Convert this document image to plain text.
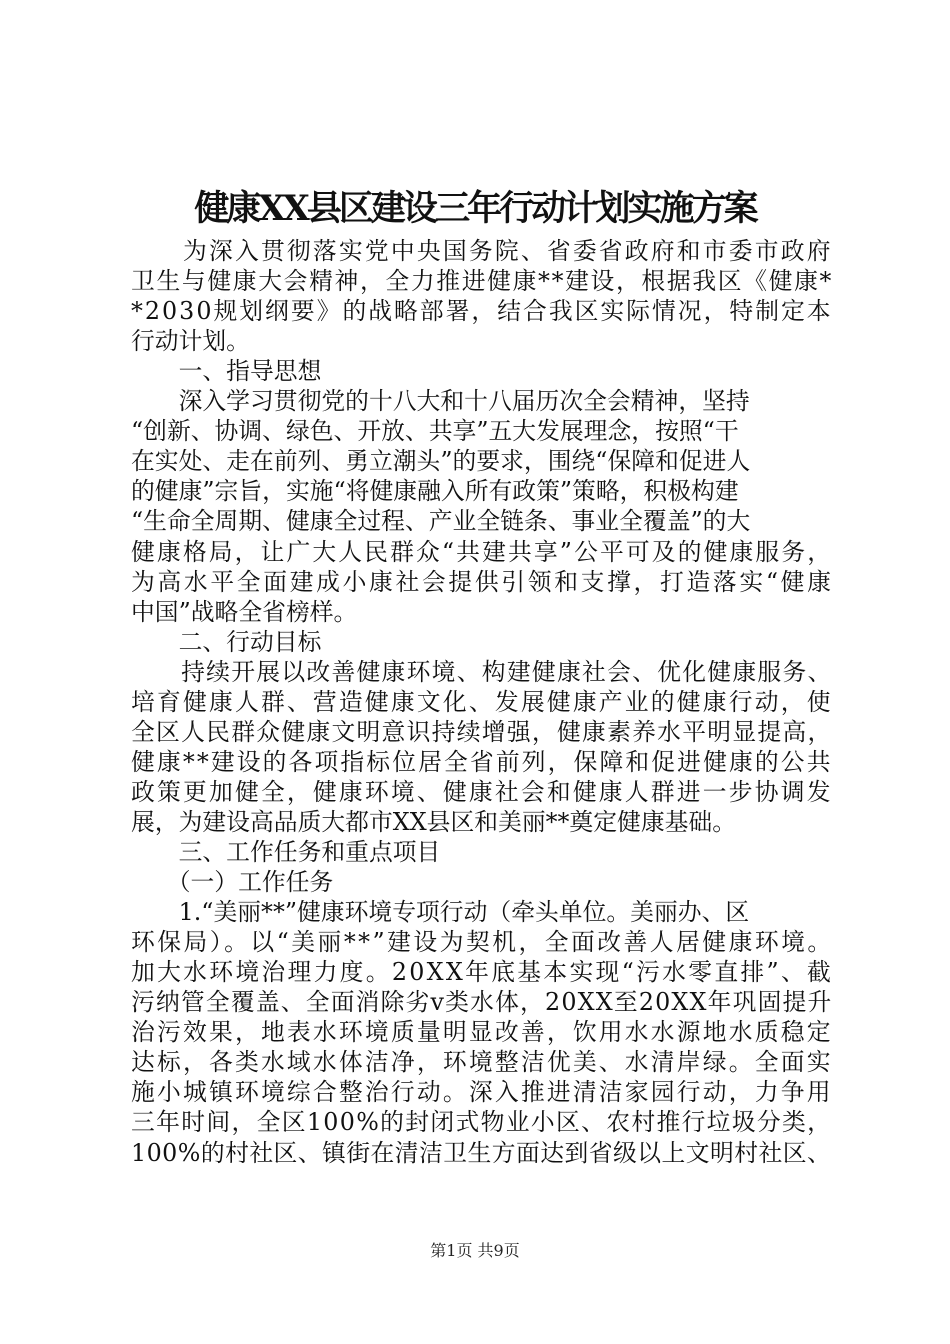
健康XX县区建设三年行动计划实施方案
　　为深入贯彻落实党中央国务院、省委省政府和市委市政府
卫生与健康大会精神，全力推进健康**建设，根据我区《健康*
*2030规划纲要》的战略部署，结合我区实际情况，特制定本
行动计划。
　　一、指导思想
　　深入学习贯彻党的十八大和十八届历次全会精神，坚持
“创新、协调、绿色、开放、共享”五大发展理念，按照“干
在实处、走在前列、勇立潮头”的要求，围绕“保障和促进人
的健康”宗旨，实施“将健康融入所有政策”策略，积极构建
“生命全周期、健康全过程、产业全链条、事业全覆盖”的大
健康格局，让广大人民群众“共建共享”公平可及的健康服务，
为高水平全面建成小康社会提供引领和支撑，打造落实“健康
中国”战略全省榜样。
　　二、行动目标
　　持续开展以改善健康环境、构建健康社会、优化健康服务、
培育健康人群、营造健康文化、发展健康产业的健康行动，使
全区人民群众健康文明意识持续增强，健康素养水平明显提高，
健康**建设的各项指标位居全省前列，保障和促进健康的公共
政策更加健全，健康环境、健康社会和健康人群进一步协调发
展，为建设高品质大都市XX县区和美丽**奠定健康基础。
　　三、工作任务和重点项目
　　（一）工作任务
　　1.“美丽**”健康环境专项行动（牵头单位。美丽办、区
环保局）。以“美丽**”建设为契机，全面改善人居健康环境。
加大水环境治理力度。20XX年底基本实现“污水零直排”、截
污纳管全覆盖、全面消除劣ⅴ类水体，20XX至20XX年巩固提升
治污效果，地表水环境质量明显改善，饮用水水源地水质稳定
达标，各类水域水体洁净，环境整洁优美、水清岸绿。全面实
施小城镇环境综合整治行动。深入推进清洁家园行动，力争用
三年时间，全区100%的封闭式物业小区、农村推行垃圾分类，
100%的村社区、镇街在清洁卫生方面达到省级以上文明村社区、
第1页 共9页
